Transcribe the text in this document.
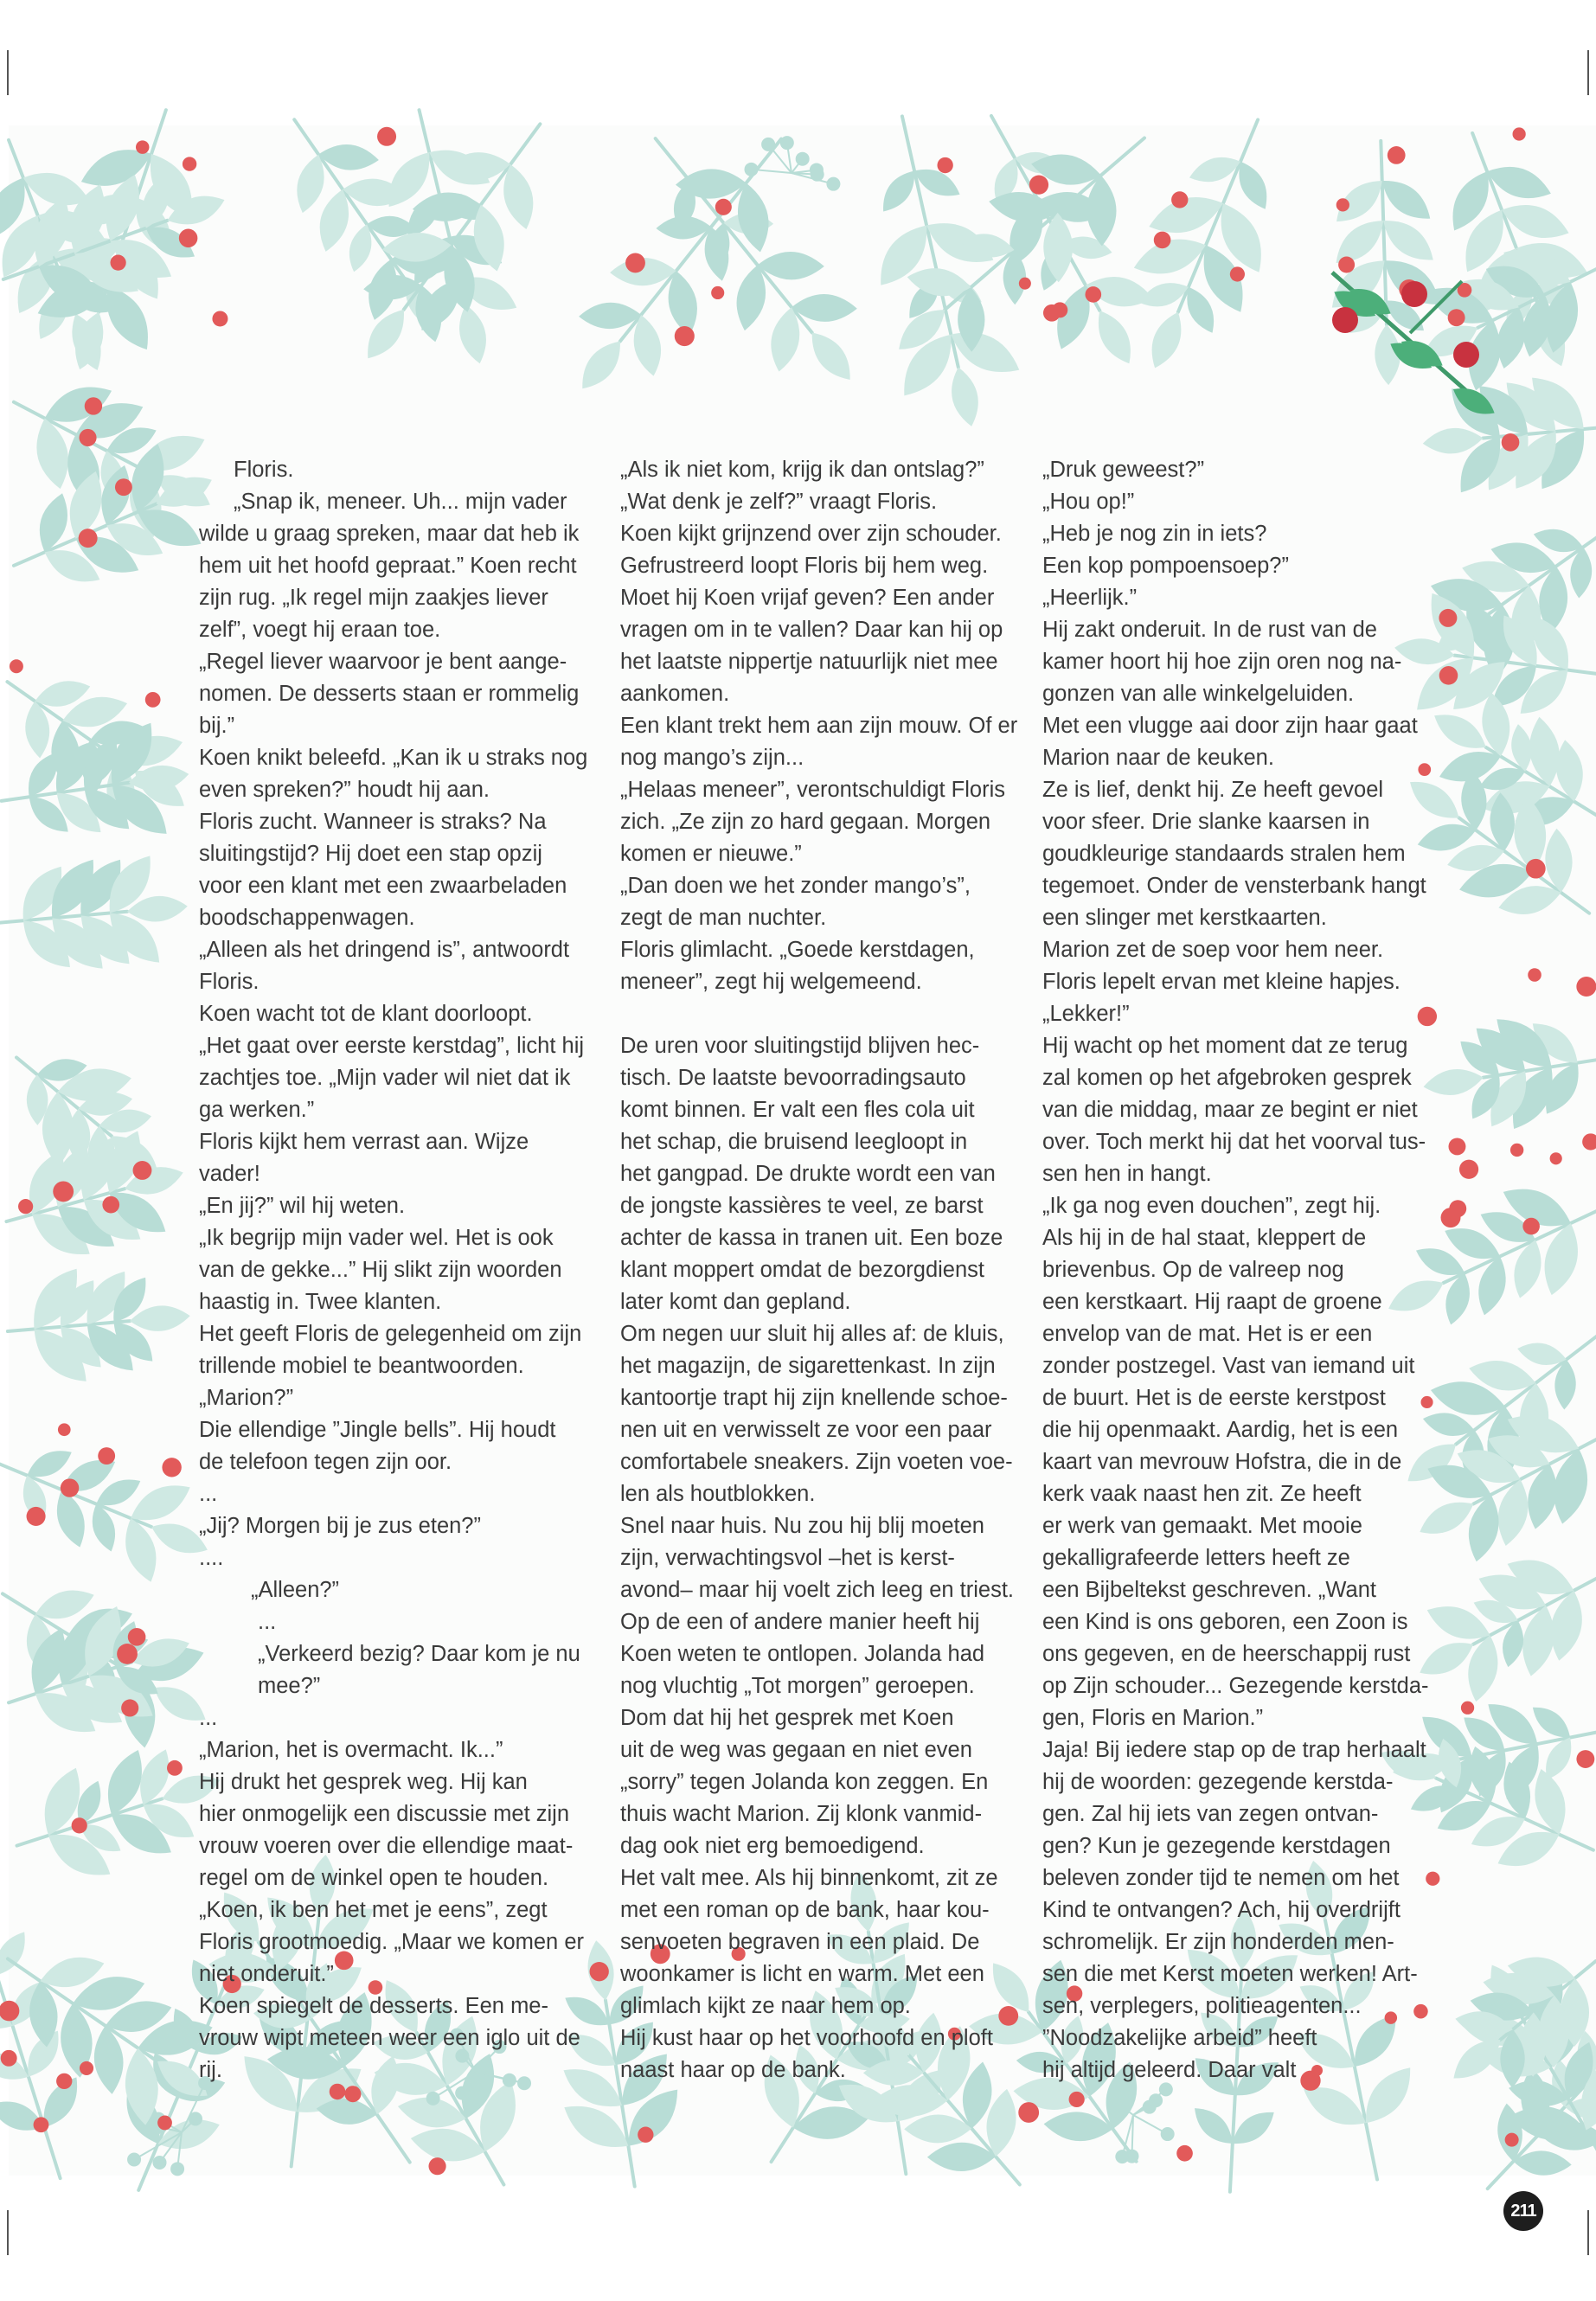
Floris.

„Snap ik, meneer. Uh... mijn vader

wilde u graag spreken, maar dat heb ik

hem uit het hoofd gepraat.” Koen recht

zijn rug. „Ik regel mijn zaakjes liever

zelf”, voegt hij eraan toe.

„Regel liever waarvoor je bent aange-

nomen. De desserts staan er rommelig

bij.”

Koen knikt beleefd. „Kan ik u straks nog

even spreken?” houdt hij aan.

Floris zucht. Wanneer is straks? Na

sluitingstijd? Hij doet een stap opzij

voor een klant met een zwaarbeladen

boodschappenwagen.

„Alleen als het dringend is”, antwoordt

Floris.

Koen wacht tot de klant doorloopt.

„Het gaat over eerste kerstdag”, licht hij

zachtjes toe. „Mijn vader wil niet dat ik

ga werken.”

Floris kijkt hem verrast aan. Wijze

vader!

„En jij?” wil hij weten.

„Ik begrijp mijn vader wel. Het is ook

van de gekke...” Hij slikt zijn woorden

haastig in. Twee klanten.

Het geeft Floris de gelegenheid om zijn

trillende mobiel te beantwoorden.

„Marion?”

Die ellendige ”Jingle bells”. Hij houdt

de telefoon tegen zijn oor.

...

„Jij? Morgen bij je zus eten?”

....

„Alleen?”

...

„Verkeerd bezig? Daar kom je nu

mee?”

...

„Marion, het is overmacht. Ik...”

Hij drukt het gesprek weg. Hij kan

hier onmogelijk een discussie met zijn

vrouw voeren over die ellendige maat-

regel om de winkel open te houden.

„Koen, ik ben het met je eens”, zegt

Floris grootmoedig. „Maar we komen er

niet onderuit.”

Koen spiegelt de desserts. Een me-

vrouw wipt meteen weer een iglo uit de

rij.

„Als ik niet kom, krijg ik dan ontslag?”

„Wat denk je zelf?” vraagt Floris.

Koen kijkt grijnzend over zijn schouder.

Gefrustreerd loopt Floris bij hem weg.

Moet hij Koen vrijaf geven? Een ander

vragen om in te vallen? Daar kan hij op

het laatste nippertje natuurlijk niet mee

aankomen.

Een klant trekt hem aan zijn mouw. Of er

nog mango’s zijn...

„Helaas meneer”, verontschuldigt Floris

zich. „Ze zijn zo hard gegaan. Morgen

komen er nieuwe.”

„Dan doen we het zonder mango’s”,

zegt de man nuchter.

Floris glimlacht. „Goede kerstdagen,

meneer”, zegt hij welgemeend.

De uren voor sluitingstijd blijven hec-

tisch. De laatste bevoorradingsauto

komt binnen. Er valt een fles cola uit

het schap, die bruisend leegloopt in

het gangpad. De drukte wordt een van

de jongste kassières te veel, ze barst

achter de kassa in tranen uit. Een boze

klant moppert omdat de bezorgdienst

later komt dan gepland.

Om negen uur sluit hij alles af: de kluis,

het magazijn, de sigarettenkast. In zijn

kantoortje trapt hij zijn knellende schoe-

nen uit en verwisselt ze voor een paar

comfortabele sneakers. Zijn voeten voe-

len als houtblokken.

Snel naar huis. Nu zou hij blij moeten

zijn, verwachtingsvol –het is kerst-

avond– maar hij voelt zich leeg en triest.

Op de een of andere manier heeft hij

Koen weten te ontlopen. Jolanda had

nog vluchtig „Tot morgen” geroepen.

Dom dat hij het gesprek met Koen

uit de weg was gegaan en niet even

„sorry” tegen Jolanda kon zeggen. En

thuis wacht Marion. Zij klonk vanmid-

dag ook niet erg bemoedigend.

Het valt mee. Als hij binnenkomt, zit ze

met een roman op de bank, haar kou-

senvoeten begraven in een plaid. De

woonkamer is licht en warm. Met een

glimlach kijkt ze naar hem op.

Hij kust haar op het voorhoofd en ploft

naast haar op de bank.

„Druk geweest?”

„Hou op!”

„Heb je nog zin in iets?

Een kop pompoensoep?”

„Heerlijk.”

Hij zakt onderuit. In de rust van de

kamer hoort hij hoe zijn oren nog na-

gonzen van alle winkelgeluiden.

Met een vlugge aai door zijn haar gaat

Marion naar de keuken.

Ze is lief, denkt hij. Ze heeft gevoel

voor sfeer. Drie slanke kaarsen in

goudkleurige standaards stralen hem

tegemoet. Onder de vensterbank hangt

een slinger met kerstkaarten.

Marion zet de soep voor hem neer.

Floris lepelt ervan met kleine hapjes.

„Lekker!”

Hij wacht op het moment dat ze terug

zal komen op het afgebroken gesprek

van die middag, maar ze begint er niet

over. Toch merkt hij dat het voorval tus-

sen hen in hangt.

„Ik ga nog even douchen”, zegt hij.

Als hij in de hal staat, kleppert de

brievenbus. Op de valreep nog

een kerstkaart. Hij raapt de groene

envelop van de mat. Het is er een

zonder postzegel. Vast van iemand uit

de buurt. Het is de eerste kerstpost

die hij openmaakt. Aardig, het is een

kaart van mevrouw Hofstra, die in de

kerk vaak naast hen zit. Ze heeft

er werk van gemaakt. Met mooie

gekalligrafeerde letters heeft ze

een Bijbeltekst geschreven. „Want

een Kind is ons geboren, een Zoon is

ons gegeven, en de heerschappij rust

op Zijn schouder... Gezegende kerstda-

gen, Floris en Marion.”

Jaja! Bij iedere stap op de trap herhaalt

hij de woorden: gezegende kerstda-

gen. Zal hij iets van zegen ontvan-

gen? Kun je gezegende kerstdagen

beleven zonder tijd te nemen om het

Kind te ontvangen? Ach, hij overdrijft

schromelijk. Er zijn honderden men-

sen die met Kerst moeten werken! Art-

sen, verplegers, politieagenten...

”Noodzakelijke arbeid” heeft

hij altijd geleerd. Daar valt

211
